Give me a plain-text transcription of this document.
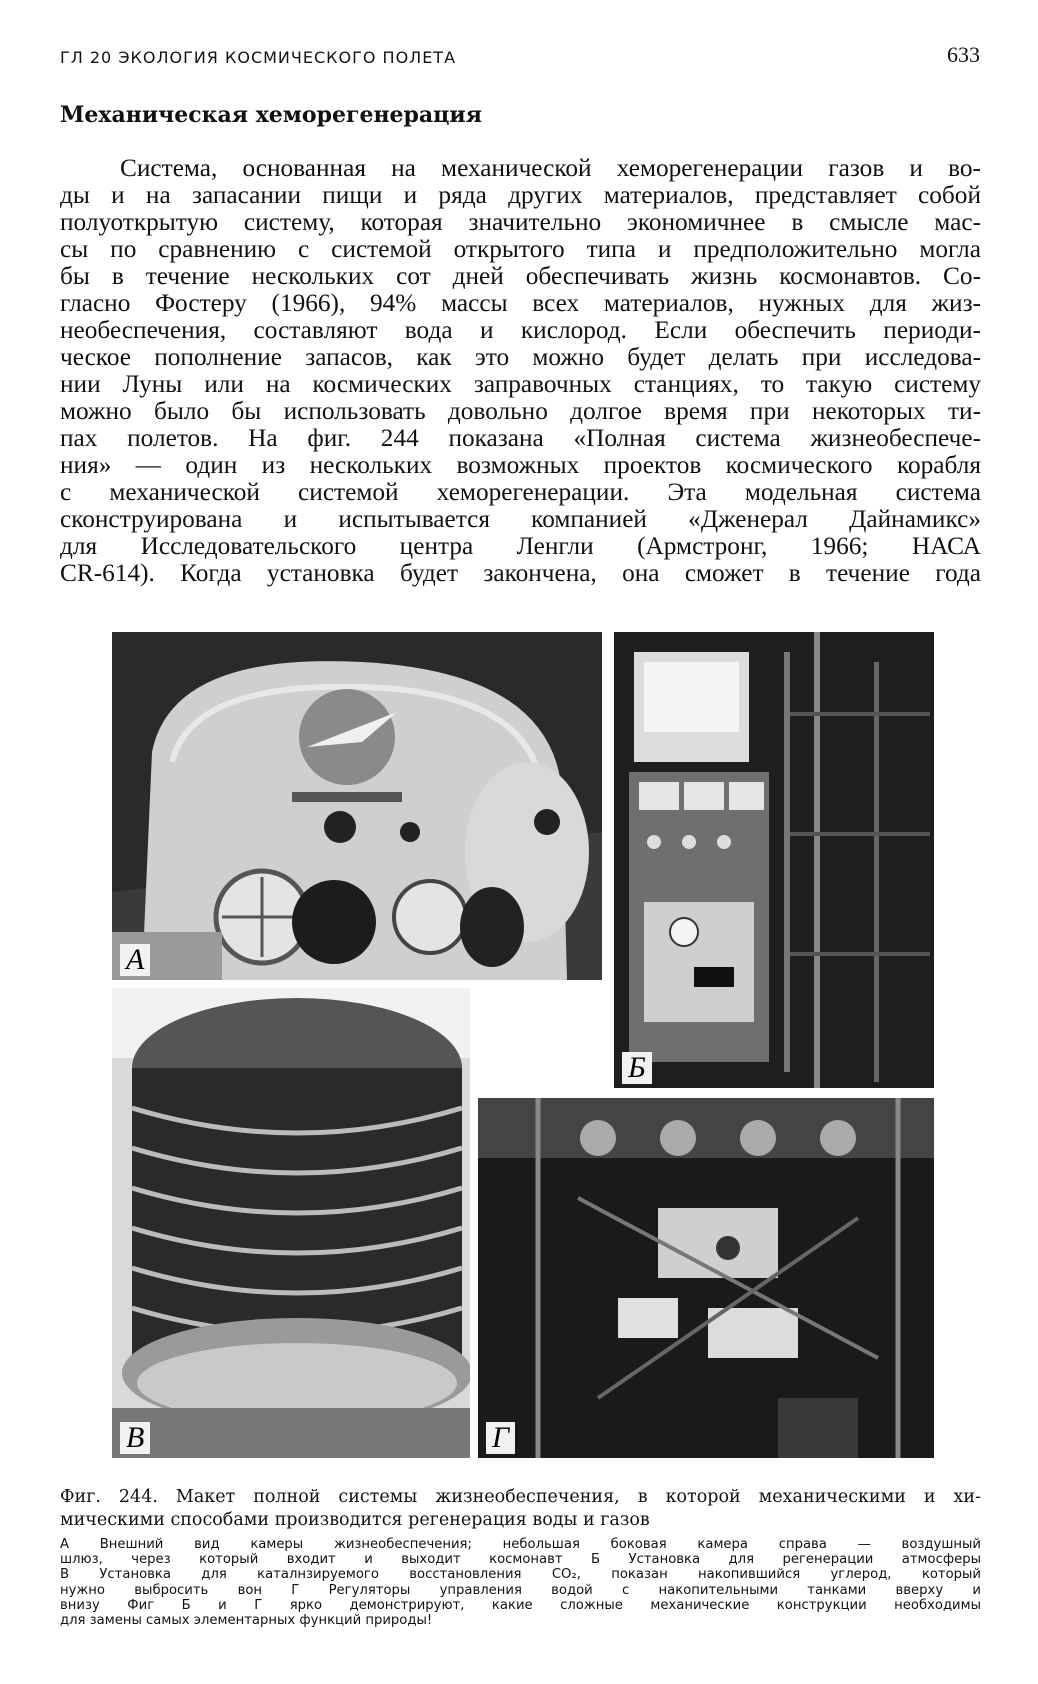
ГЛ 20 ЭКОЛОГИЯ КОСМИЧЕСКОГО ПОЛЕТА	633
Механическая хеморегенерация
Система, основанная на механической хеморегенерации газов и во-
ды и на запасании пищи и ряда других материалов, представляет собой
полуоткрытую систему, которая значительно экономичнее в смысле мас-
сы по сравнению с системой открытого типа и предположительно могла
бы в течение нескольких сот дней обеспечивать жизнь космонавтов. Со-
гласно Фостеру (1966), 94% массы всех материалов, нужных для жиз-
необеспечения, составляют вода и кислород. Если обеспечить периоди-
ческое пополнение запасов, как это можно будет делать при исследова-
нии Луны или на космических заправочных станциях, то такую систему
можно было бы использовать довольно долгое время при некоторых ти-
пах полетов. На фиг. 244 показана «Полная система жизнеобеспече-
ния» — один из нескольких возможных проектов космического корабля
с механической системой хеморегенерации. Эта модельная система
сконструирована и испытывается компанией «Дженерал Дайнамикс»
для Исследовательского центра Ленгли (Армстронг, 1966; НАСА
CR-614). Когда установка будет закончена, она сможет в течение года
А
Б
В	Г
Фиг. 244. Макет полной системы жизнеобеспечения, в которой механическими и хи-
мическими способами производится регенерация воды и газов
А Внешний вид камеры жизнеобеспечения; небольшая боковая камера справа — воздушный
шлюз, через который входит и выходит космонавт Б Установка для регенерации атмосферы
В Установка для каталнзируемого восстановления CO₂, показан накопившийся углерод, который
нужно выбросить вон Г Регуляторы управления водой с накопительными танками вверху и
внизу Фиг Б и Г ярко демонстрируют, какие сложные механические конструкции необходимы
для замены самых элементарных функций природы!
